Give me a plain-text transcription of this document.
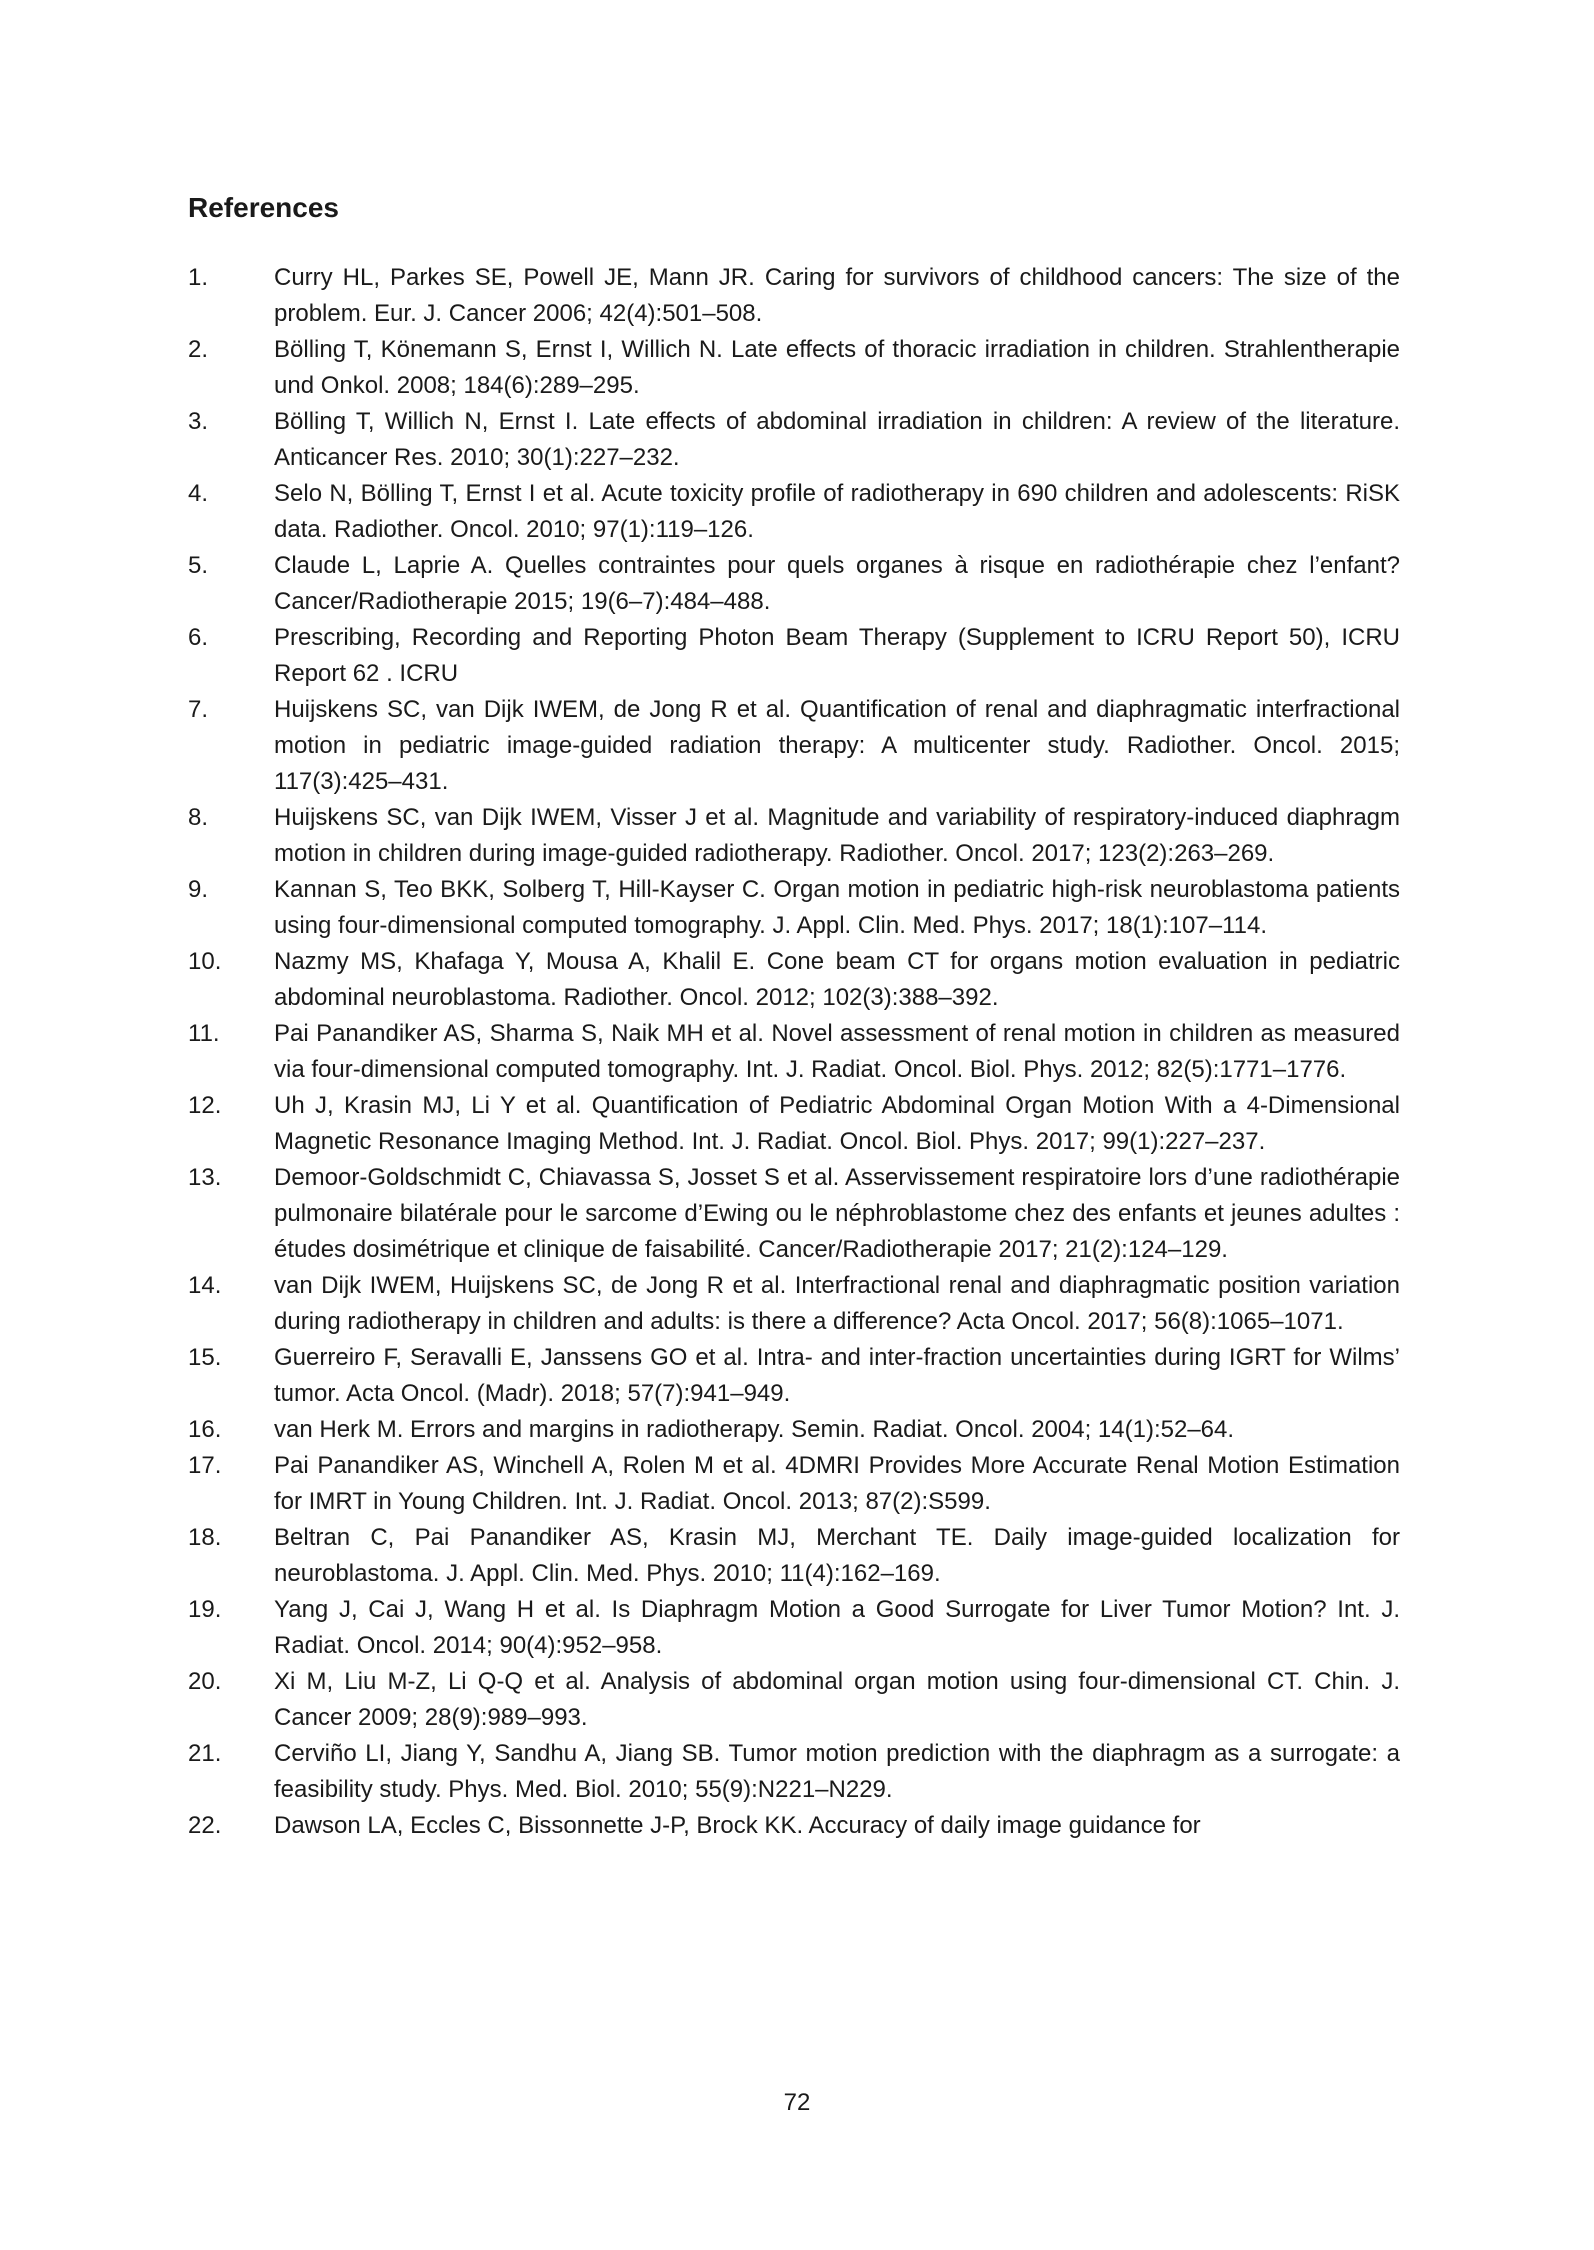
References
1.	Curry HL, Parkes SE, Powell JE, Mann JR. Caring for survivors of childhood cancers: The size of the problem. Eur. J. Cancer 2006; 42(4):501–508.
2.	Bölling T, Könemann S, Ernst I, Willich N. Late effects of thoracic irradiation in children. Strahlentherapie und Onkol. 2008; 184(6):289–295.
3.	Bölling T, Willich N, Ernst I. Late effects of abdominal irradiation in children: A review of the literature. Anticancer Res. 2010; 30(1):227–232.
4.	Selo N, Bölling T, Ernst I et al. Acute toxicity profile of radiotherapy in 690 children and adolescents: RiSK data. Radiother. Oncol. 2010; 97(1):119–126.
5.	Claude L, Laprie A. Quelles contraintes pour quels organes à risque en radiothérapie chez l’enfant? Cancer/Radiotherapie 2015; 19(6–7):484–488.
6.	Prescribing, Recording and Reporting Photon Beam Therapy (Supplement to ICRU Report 50), ICRU Report 62 . ICRU
7.	Huijskens SC, van Dijk IWEM, de Jong R et al. Quantification of renal and diaphragmatic interfractional motion in pediatric image-guided radiation therapy: A multicenter study. Radiother. Oncol. 2015; 117(3):425–431.
8.	Huijskens SC, van Dijk IWEM, Visser J et al. Magnitude and variability of respiratory-induced diaphragm motion in children during image-guided radiotherapy. Radiother. Oncol. 2017; 123(2):263–269.
9.	Kannan S, Teo BKK, Solberg T, Hill-Kayser C. Organ motion in pediatric high-risk neuroblastoma patients using four-dimensional computed tomography. J. Appl. Clin. Med. Phys. 2017; 18(1):107–114.
10. Nazmy MS, Khafaga Y, Mousa A, Khalil E. Cone beam CT for organs motion evaluation in pediatric abdominal neuroblastoma. Radiother. Oncol. 2012; 102(3):388–392.
11. Pai Panandiker AS, Sharma S, Naik MH et al. Novel assessment of renal motion in children as measured via four-dimensional computed tomography. Int. J. Radiat. Oncol. Biol. Phys. 2012; 82(5):1771–1776.
12. Uh J, Krasin MJ, Li Y et al. Quantification of Pediatric Abdominal Organ Motion With a 4-Dimensional Magnetic Resonance Imaging Method. Int. J. Radiat. Oncol. Biol. Phys. 2017; 99(1):227–237.
13. Demoor-Goldschmidt C, Chiavassa S, Josset S et al. Asservissement respiratoire lors d’une radiothérapie pulmonaire bilatérale pour le sarcome d’Ewing ou le néphroblastome chez des enfants et jeunes adultes : études dosimétrique et clinique de faisabilité. Cancer/Radiotherapie 2017; 21(2):124–129.
14. van Dijk IWEM, Huijskens SC, de Jong R et al. Interfractional renal and diaphragmatic position variation during radiotherapy in children and adults: is there a difference? Acta Oncol. 2017; 56(8):1065–1071.
15. Guerreiro F, Seravalli E, Janssens GO et al. Intra- and inter-fraction uncertainties during IGRT for Wilms’ tumor. Acta Oncol. (Madr). 2018; 57(7):941–949.
16. van Herk M. Errors and margins in radiotherapy. Semin. Radiat. Oncol. 2004; 14(1):52–64.
17. Pai Panandiker AS, Winchell A, Rolen M et al. 4DMRI Provides More Accurate Renal Motion Estimation for IMRT in Young Children. Int. J. Radiat. Oncol. 2013; 87(2):S599.
18. Beltran C, Pai Panandiker AS, Krasin MJ, Merchant TE. Daily image-guided localization for neuroblastoma. J. Appl. Clin. Med. Phys. 2010; 11(4):162–169.
19. Yang J, Cai J, Wang H et al. Is Diaphragm Motion a Good Surrogate for Liver Tumor Motion? Int. J. Radiat. Oncol. 2014; 90(4):952–958.
20. Xi M, Liu M-Z, Li Q-Q et al. Analysis of abdominal organ motion using four-dimensional CT. Chin. J. Cancer 2009; 28(9):989–993.
21. Cerviño LI, Jiang Y, Sandhu A, Jiang SB. Tumor motion prediction with the diaphragm as a surrogate: a feasibility study. Phys. Med. Biol. 2010; 55(9):N221–N229.
22. Dawson LA, Eccles C, Bissonnette J-P, Brock KK. Accuracy of daily image guidance for
72
